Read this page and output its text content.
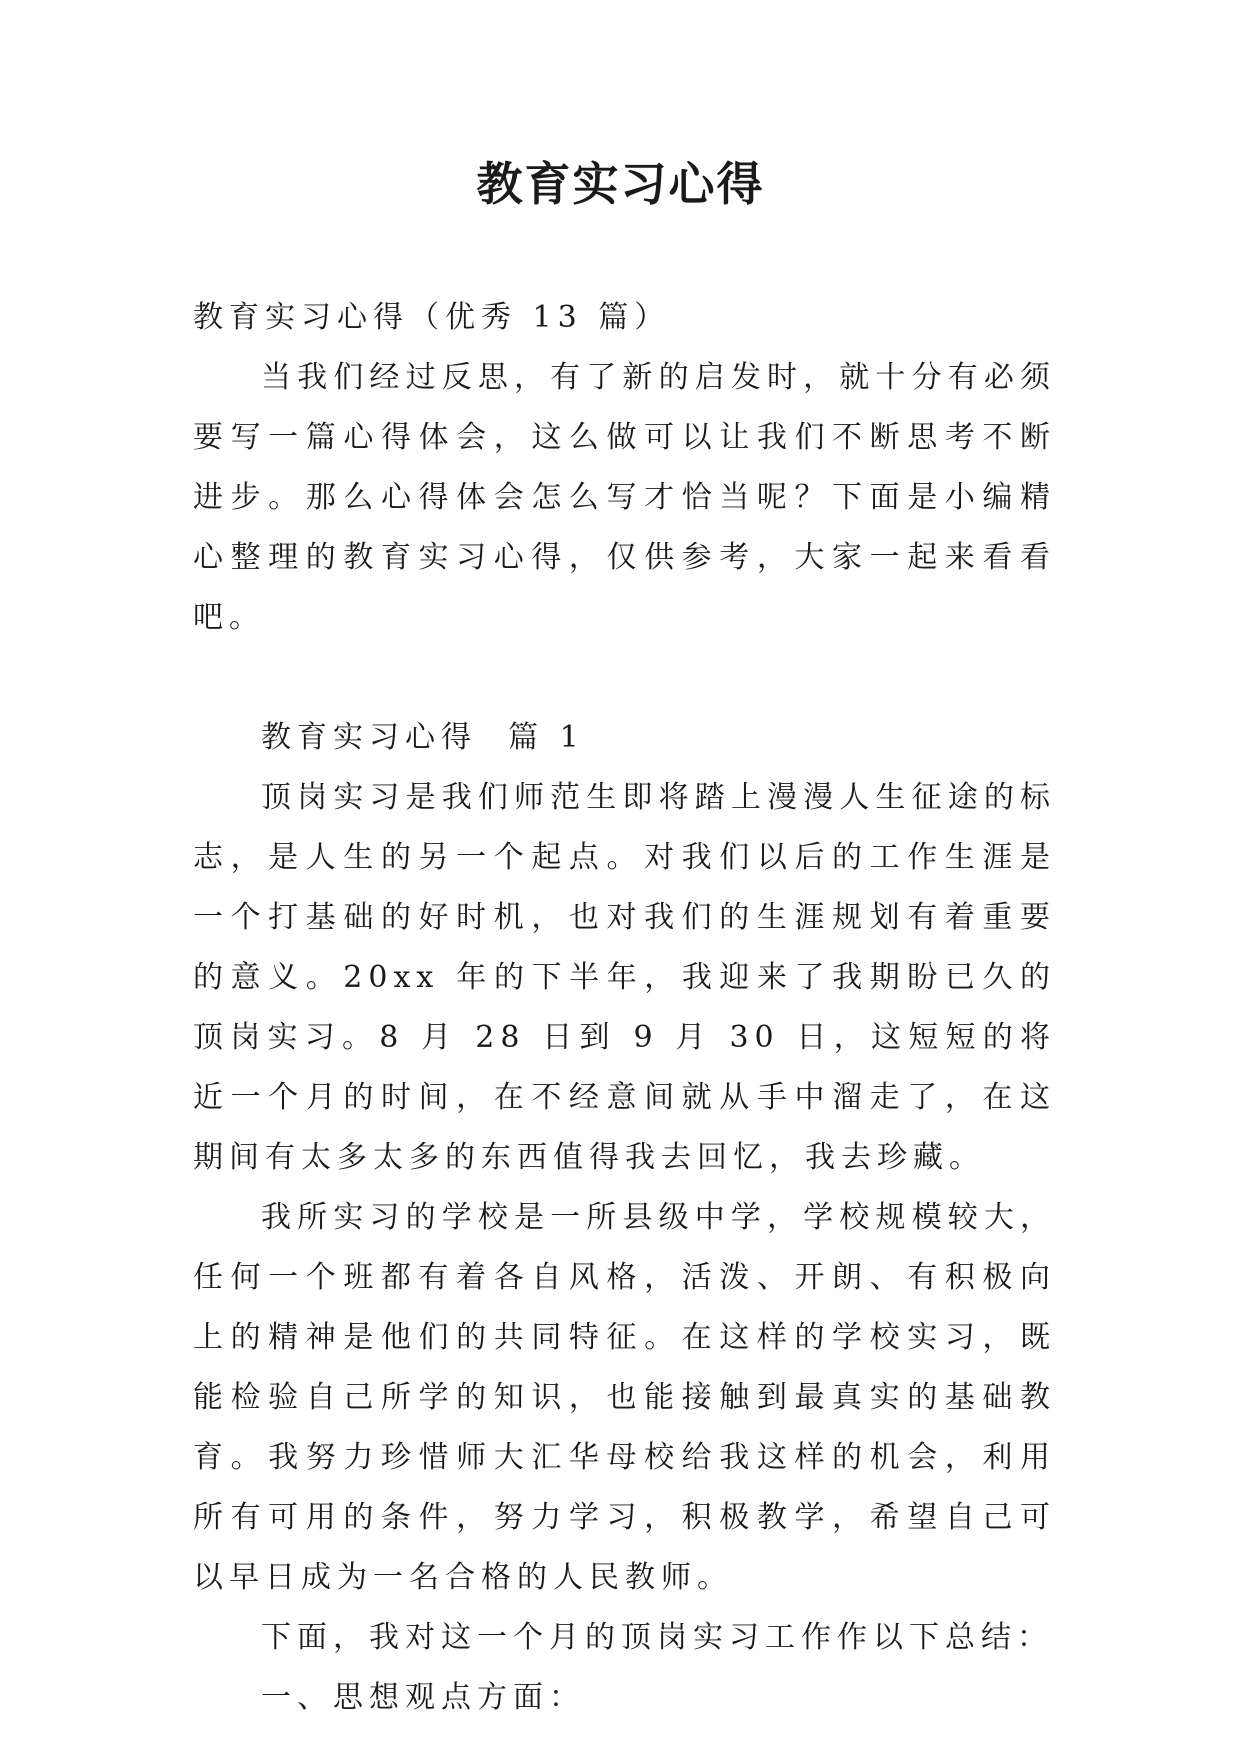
教育实习心得

教育实习心得（优秀 13 篇）

当我们经过反思，有了新的启发时，就十分有必须要写一篇心得体会，这么做可以让我们不断思考不断进步。那么心得体会怎么写才恰当呢？下面是小编精心整理的教育实习心得，仅供参考，大家一起来看看吧。

教育实习心得  篇 1

顶岗实习是我们师范生即将踏上漫漫人生征途的标志，是人生的另一个起点。对我们以后的工作生涯是一个打基础的好时机，也对我们的生涯规划有着重要的意义。20xx 年的下半年，我迎来了我期盼已久的顶岗实习。8 月 28 日到 9 月 30 日，这短短的将近一个月的时间，在不经意间就从手中溜走了，在这期间有太多太多的东西值得我去回忆，我去珍藏。

我所实习的学校是一所县级中学，学校规模较大，任何一个班都有着各自风格，活泼、开朗、有积极向上的精神是他们的共同特征。在这样的学校实习，既能检验自己所学的知识，也能接触到最真实的基础教育。我努力珍惜师大汇华母校给我这样的机会，利用所有可用的条件，努力学习，积极教学，希望自己可以早日成为一名合格的人民教师。

下面，我对这一个月的顶岗实习工作作以下总结：

一、思想观点方面：
